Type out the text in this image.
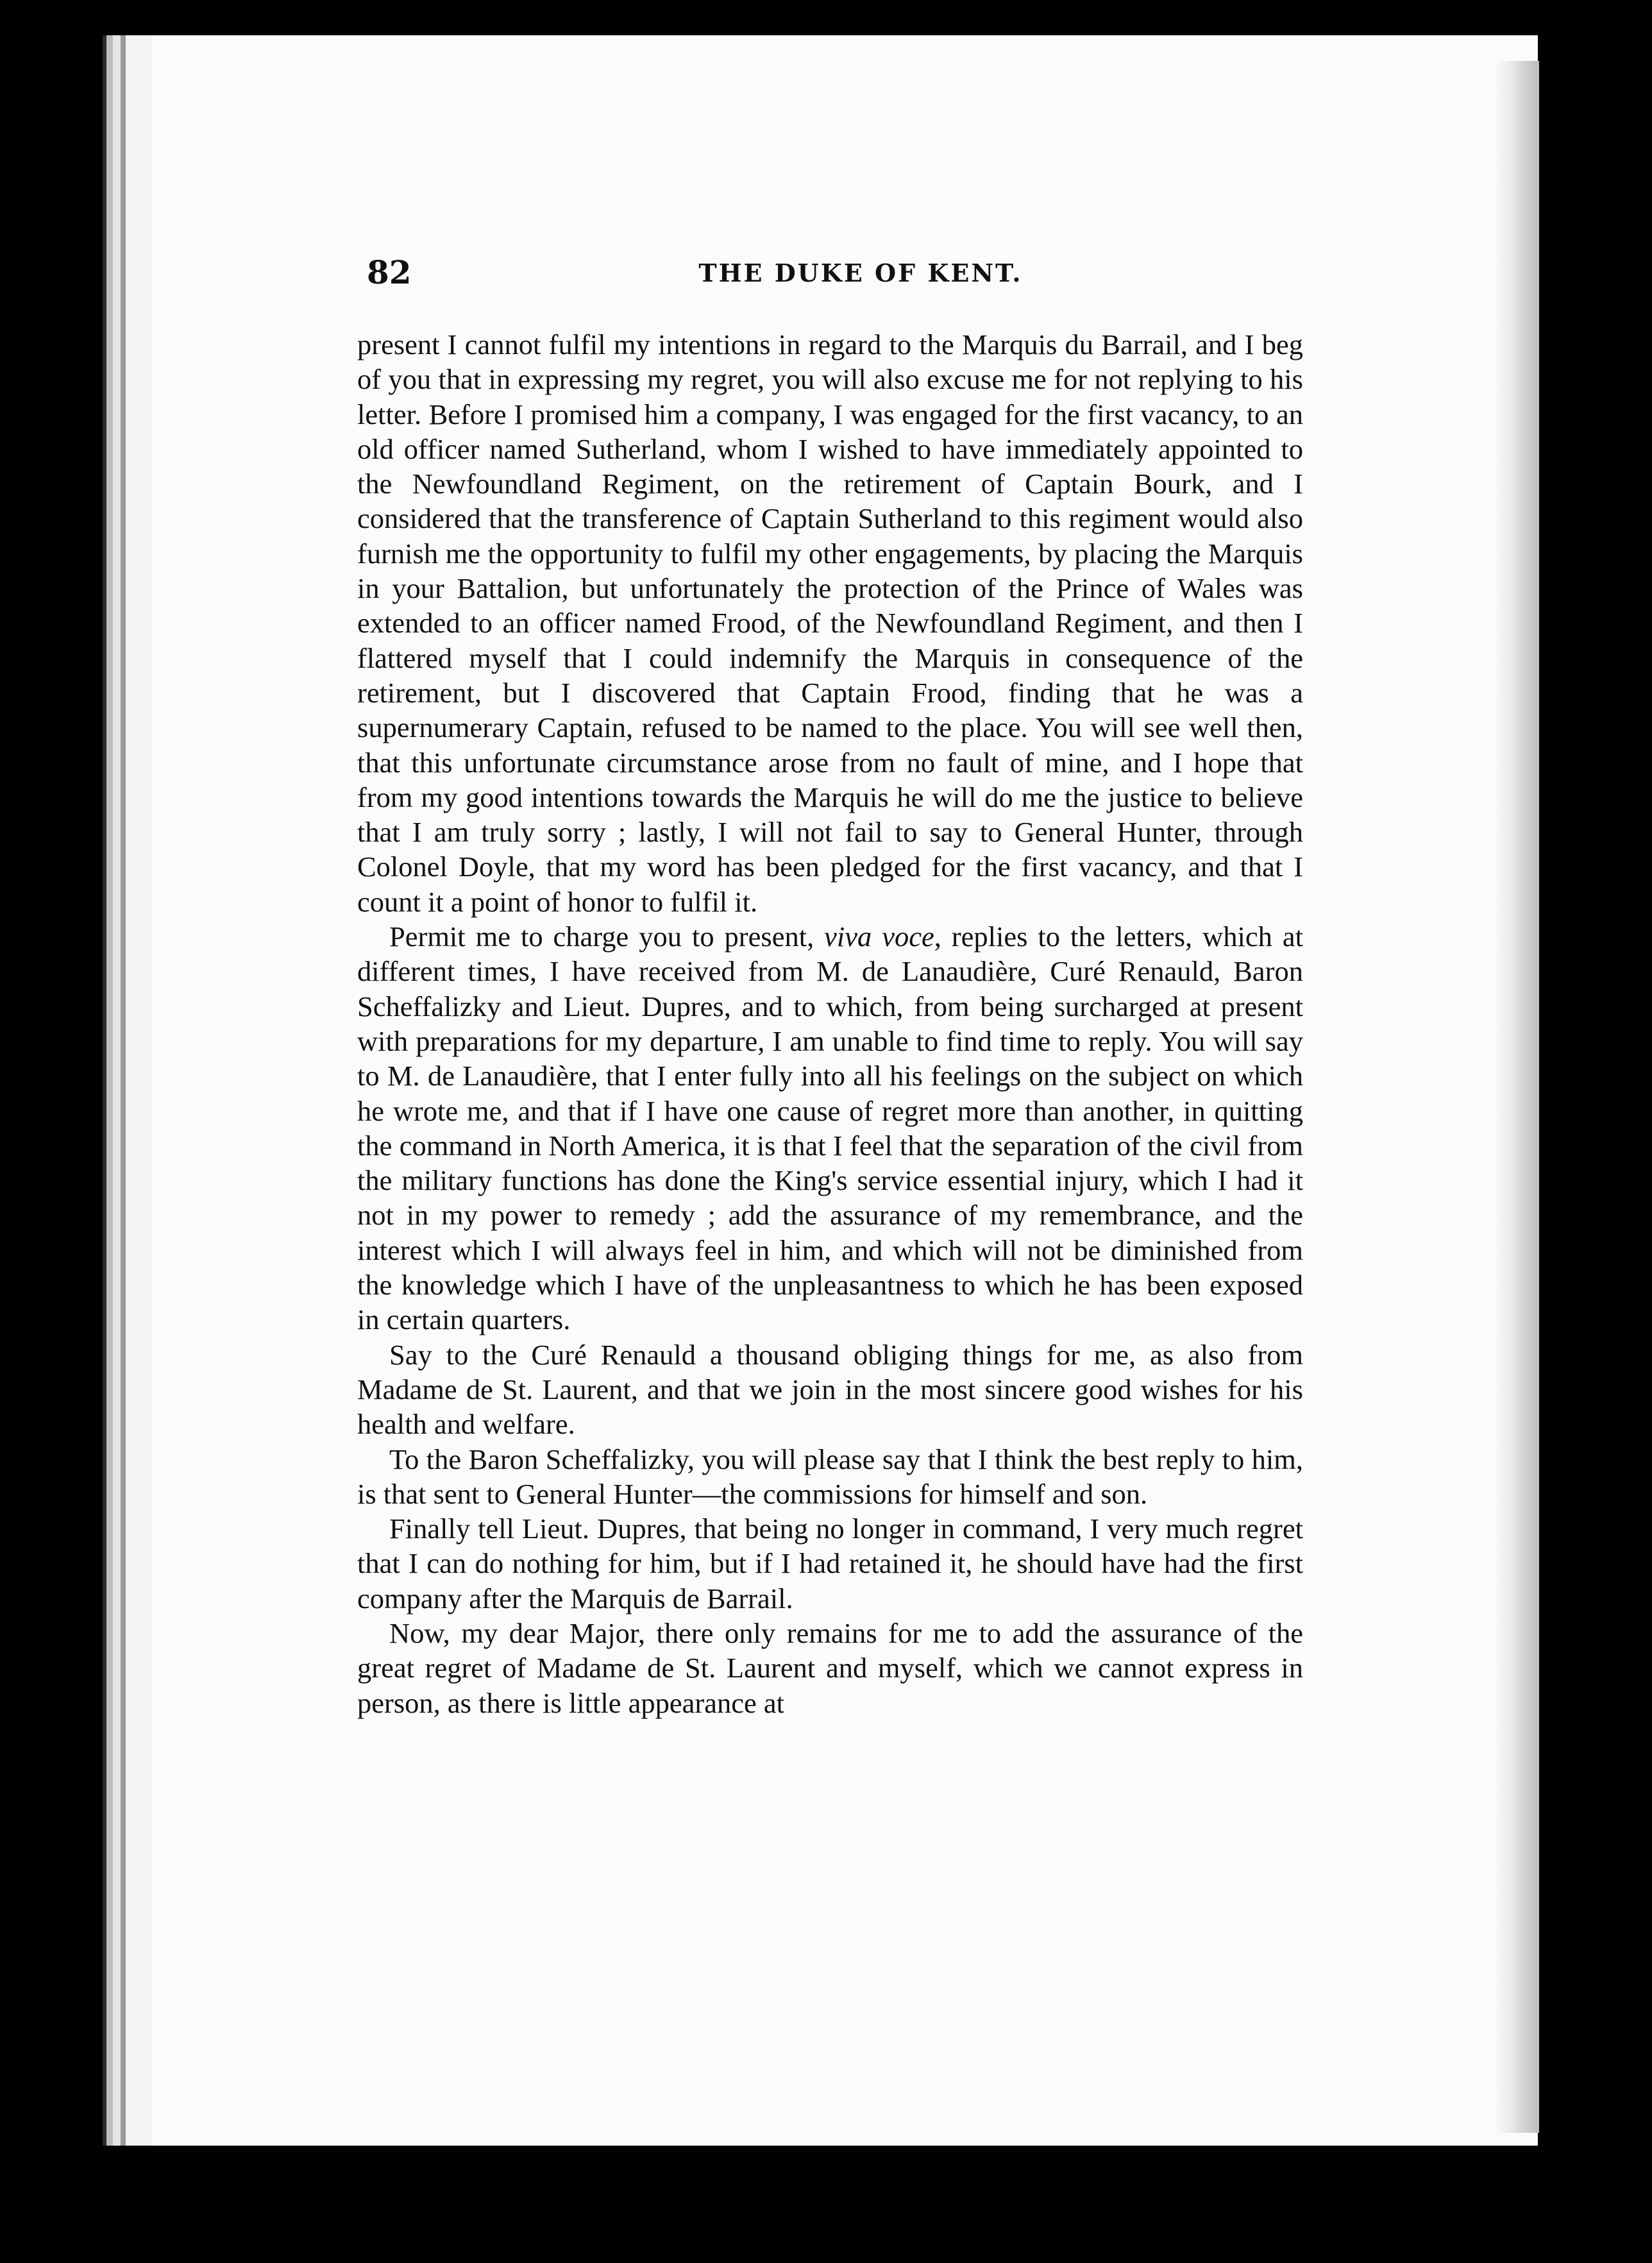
82	THE DUKE OF KENT.

present I cannot fulfil my intentions in regard to the Marquis du Barrail, and I beg of you that in expressing my regret, you will also excuse me for not replying to his letter. Before I promised him a company, I was engaged for the first vacancy, to an old officer named Sutherland, whom I wished to have immediately appointed to the Newfoundland Regiment, on the retirement of Captain Bourk, and I considered that the transference of Captain Sutherland to this regiment would also furnish me the opportunity to fulfil my other engagements, by placing the Marquis in your Battalion, but unfortunately the protection of the Prince of Wales was extended to an officer named Frood, of the Newfoundland Regiment, and then I flattered myself that I could indemnify the Marquis in consequence of the retirement, but I discovered that Captain Frood, finding that he was a supernumerary Captain, refused to be named to the place. You will see well then, that this unfortunate circumstance arose from no fault of mine, and I hope that from my good intentions towards the Marquis he will do me the justice to believe that I am truly sorry ; lastly, I will not fail to say to General Hunter, through Colonel Doyle, that my word has been pledged for the first vacancy, and that I count it a point of honor to fulfil it.

Permit me to charge you to present, viva voce, replies to the letters, which at different times, I have received from M. de Lanaudière, Curé Renauld, Baron Scheffalizky and Lieut. Dupres, and to which, from being surcharged at present with preparations for my departure, I am unable to find time to reply. You will say to M. de Lanaudière, that I enter fully into all his feelings on the subject on which he wrote me, and that if I have one cause of regret more than another, in quitting the command in North America, it is that I feel that the separation of the civil from the military functions has done the King's service essential injury, which I had it not in my power to remedy ; add the assurance of my remembrance, and the interest which I will always feel in him, and which will not be diminished from the knowledge which I have of the unpleasantness to which he has been exposed in certain quarters.

Say to the Curé Renauld a thousand obliging things for me, as also from Madame de St. Laurent, and that we join in the most sincere good wishes for his health and welfare.

To the Baron Scheffalizky, you will please say that I think the best reply to him, is that sent to General Hunter—the commissions for himself and son.

Finally tell Lieut. Dupres, that being no longer in command, I very much regret that I can do nothing for him, but if I had retained it, he should have had the first company after the Marquis de Barrail.

Now, my dear Major, there only remains for me to add the assurance of the great regret of Madame de St. Laurent and myself, which we cannot express in person, as there is little appearance at
